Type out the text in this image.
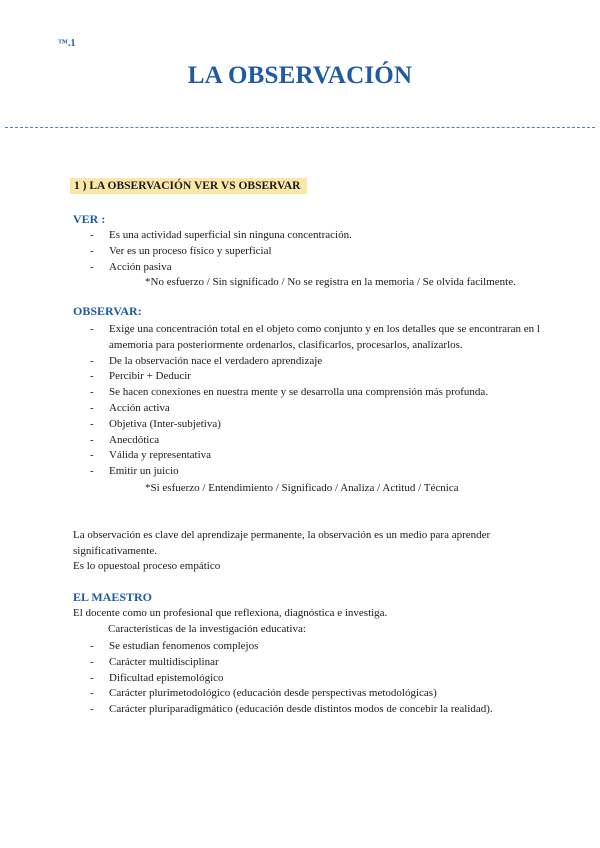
™.1
LA OBSERVACIÓN
1 ) LA OBSERVACIÓN VER VS OBSERVAR
VER :
- Es una actividad superficial sin ninguna concentración.
- Ver es un proceso físico y superficial
- Acción pasiva
*No esfuerzo / Sin significado / No se registra en la memoria / Se olvida facilmente.
OBSERVAR:
- Exige una concentración total en el objeto como conjunto y en los detalles que se encontraran en l
amemoria para posteriormente ordenarlos, clasificarlos, procesarlos, analizarlos.
- De la observación nace el verdadero aprendizaje
- Percibir + Deducir
- Se hacen conexiones en nuestra mente y se desarrolla una comprensión más profunda.
- Acción activa
- Objetiva (Inter-subjetiva)
- Anecdótica
- Válida y representativa
- Emitir un juicio
*Si esfuerzo / Entendimiento / Significado / Analiza / Actitud / Técnica
La observación es clave del aprendizaje permanente, la observación es un medio para aprender
significativamente.
Es lo opuestoal proceso empático
EL MAESTRO
El docente como un profesional que reflexiona, diagnóstica e investiga.
Características de la investigación educativa:
- Se estudian fenomenos complejos
- Carácter multidisciplinar
- Dificultad epistemológico
- Carácter plurimetodológico (educación desde perspectivas metodológicas)
- Carácter pluriparadigmático (educación desde distintos modos de concebir la realidad).
